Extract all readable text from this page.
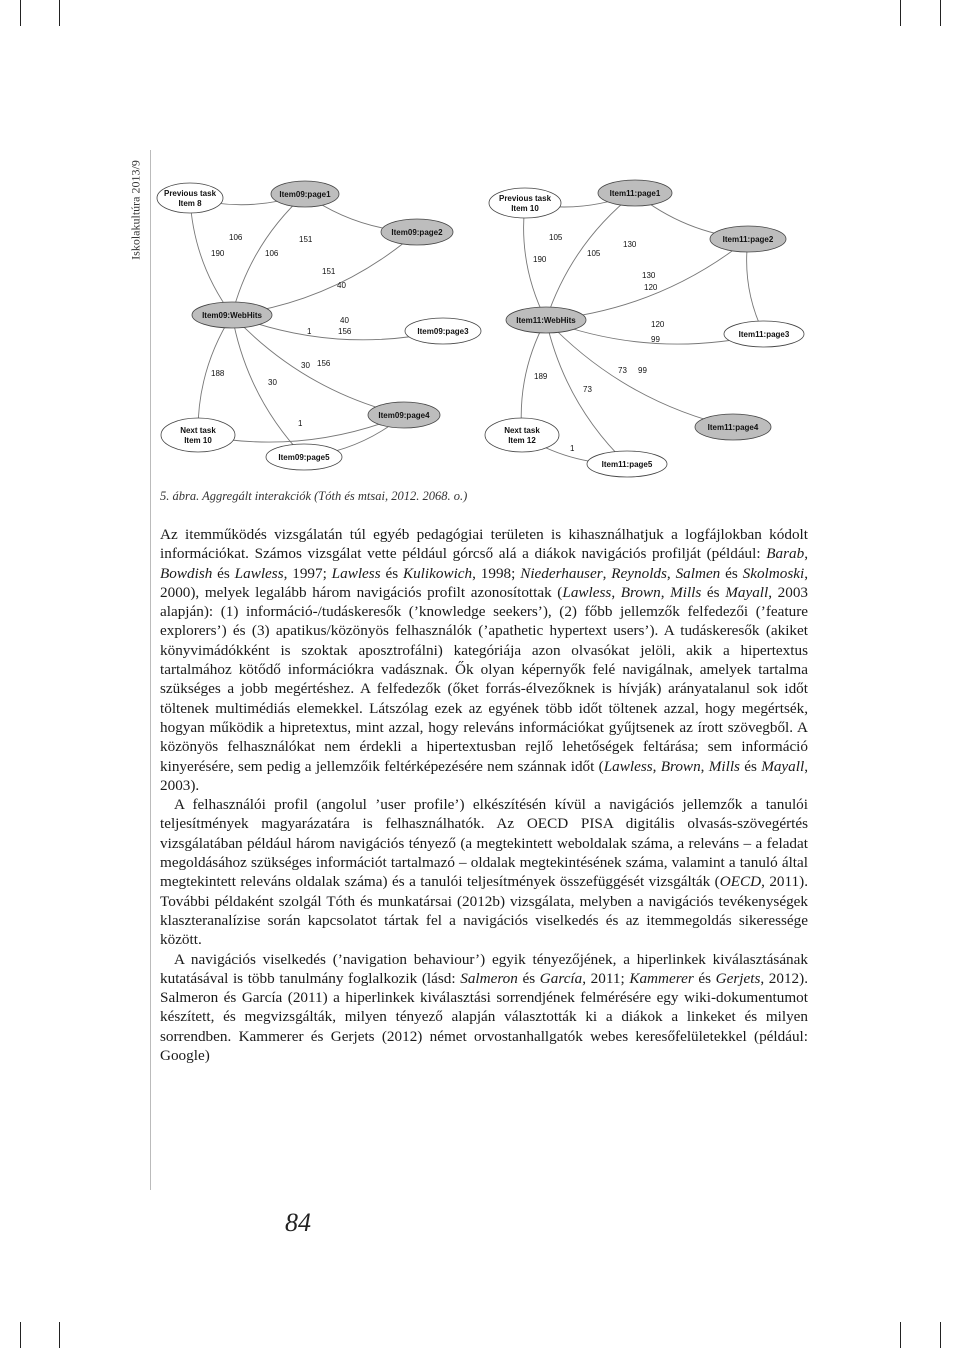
Iskolakultúra 2013/9	Previous task
Item 8
Item09:page1
Item09:page2
Item09:WebHits
Item09:page3
Item09:page4
Next task
Item 10
Item09:page5
Previous task
Item 10
Item11:page1
Item11:page2
Item11:WebHits
Item11:page3
Item11:page4
Next task
Item 12
Item11:page5
106	151
190	106
151
40
40
1	156
188
30
30 156
1
105
130
190
105
130
120
120
99
189
73
73 99
1
5. ábra. Aggregált interakciók (Tóth és mtsai, 2012. 2068. o.)

Az itemműködés vizsgálatán túl egyéb pedagógiai területen is kihasználhatjuk a logfájlokban kódolt információkat. Számos vizsgálat vette például górcső alá a diákok navigációs profilját (például: Barab, Bowdish és Lawless, 1997; Lawless és Kulikowich, 1998; Niederhauser, Reynolds, Salmen és Skolmoski, 2000), melyek legalább három navigációs profilt azonosítottak (Lawless, Brown, Mills és Mayall, 2003 alapján): (1) információ-/tudáskeresők (’knowledge seekers’), (2) főbb jellemzők felfedezői (’feature explorers’) és (3) apatikus/közönyös felhasználók (’apathetic hypertext users’). A tudáskeresők (akiket könyvimádókként is szoktak aposztrofálni) kategóriája azon olvasókat jelöli, akik a hipertextus tartalmához kötődő információkra vadásznak. Ők olyan képernyők felé navigálnak, amelyek tartalma szükséges a jobb megértéshez. A felfedezők (őket forrás-élvezőknek is hívják) arányatalanul sok időt töltenek multimédiás elemekkel. Látszólag ezek az egyének több időt töltenek azzal, hogy megértsék, hogyan működik a hipretextus, mint azzal, hogy releváns információkat gyűjtsenek az írott szövegből. A közönyös felhasználókat nem érdekli a hipertextusban rejlő lehetőségek feltárása; sem információ kinyerésére, sem pedig a jellemzőik feltérképezésére nem szánnak időt (Lawless, Brown, Mills és Mayall, 2003).

A felhasználói profil (angolul ’user profile’) elkészítésén kívül a navigációs jellemzők a tanulói teljesítmények magyarázatára is felhasználhatók. Az OECD PISA digitális olvasás-szövegértés vizsgálatában például három navigációs tényező (a megtekintett weboldalak száma, a releváns – a feladat megoldásához szükséges információt tartalmazó – oldalak megtekintésének száma, valamint a tanuló által megtekintett releváns oldalak száma) és a tanulói teljesítmények összefüggését vizsgálták (OECD, 2011). További példaként szolgál Tóth és munkatársai (2012b) vizsgálata, melyben a navigációs tevékenységek klaszteranalízise során kapcsolatot tártak fel a navigációs viselkedés és az itemmegoldás sikeressége között.

A navigációs viselkedés (’navigation behaviour’) egyik tényezőjének, a hiperlinkek kiválasztásának kutatásával is több tanulmány foglalkozik (lásd: Salmeron és García, 2011; Kammerer és Gerjets, 2012). Salmeron és García (2011) a hiperlinkek kiválasztási sorrendjének felmérésére egy wiki-dokumentumot készített, és megvizsgálták, milyen tényező alapján választották ki a diákok a linkeket és milyen sorrendben. Kammerer és Gerjets (2012) német orvostanhallgatók webes keresőfelületekkel (például: Google)

84
